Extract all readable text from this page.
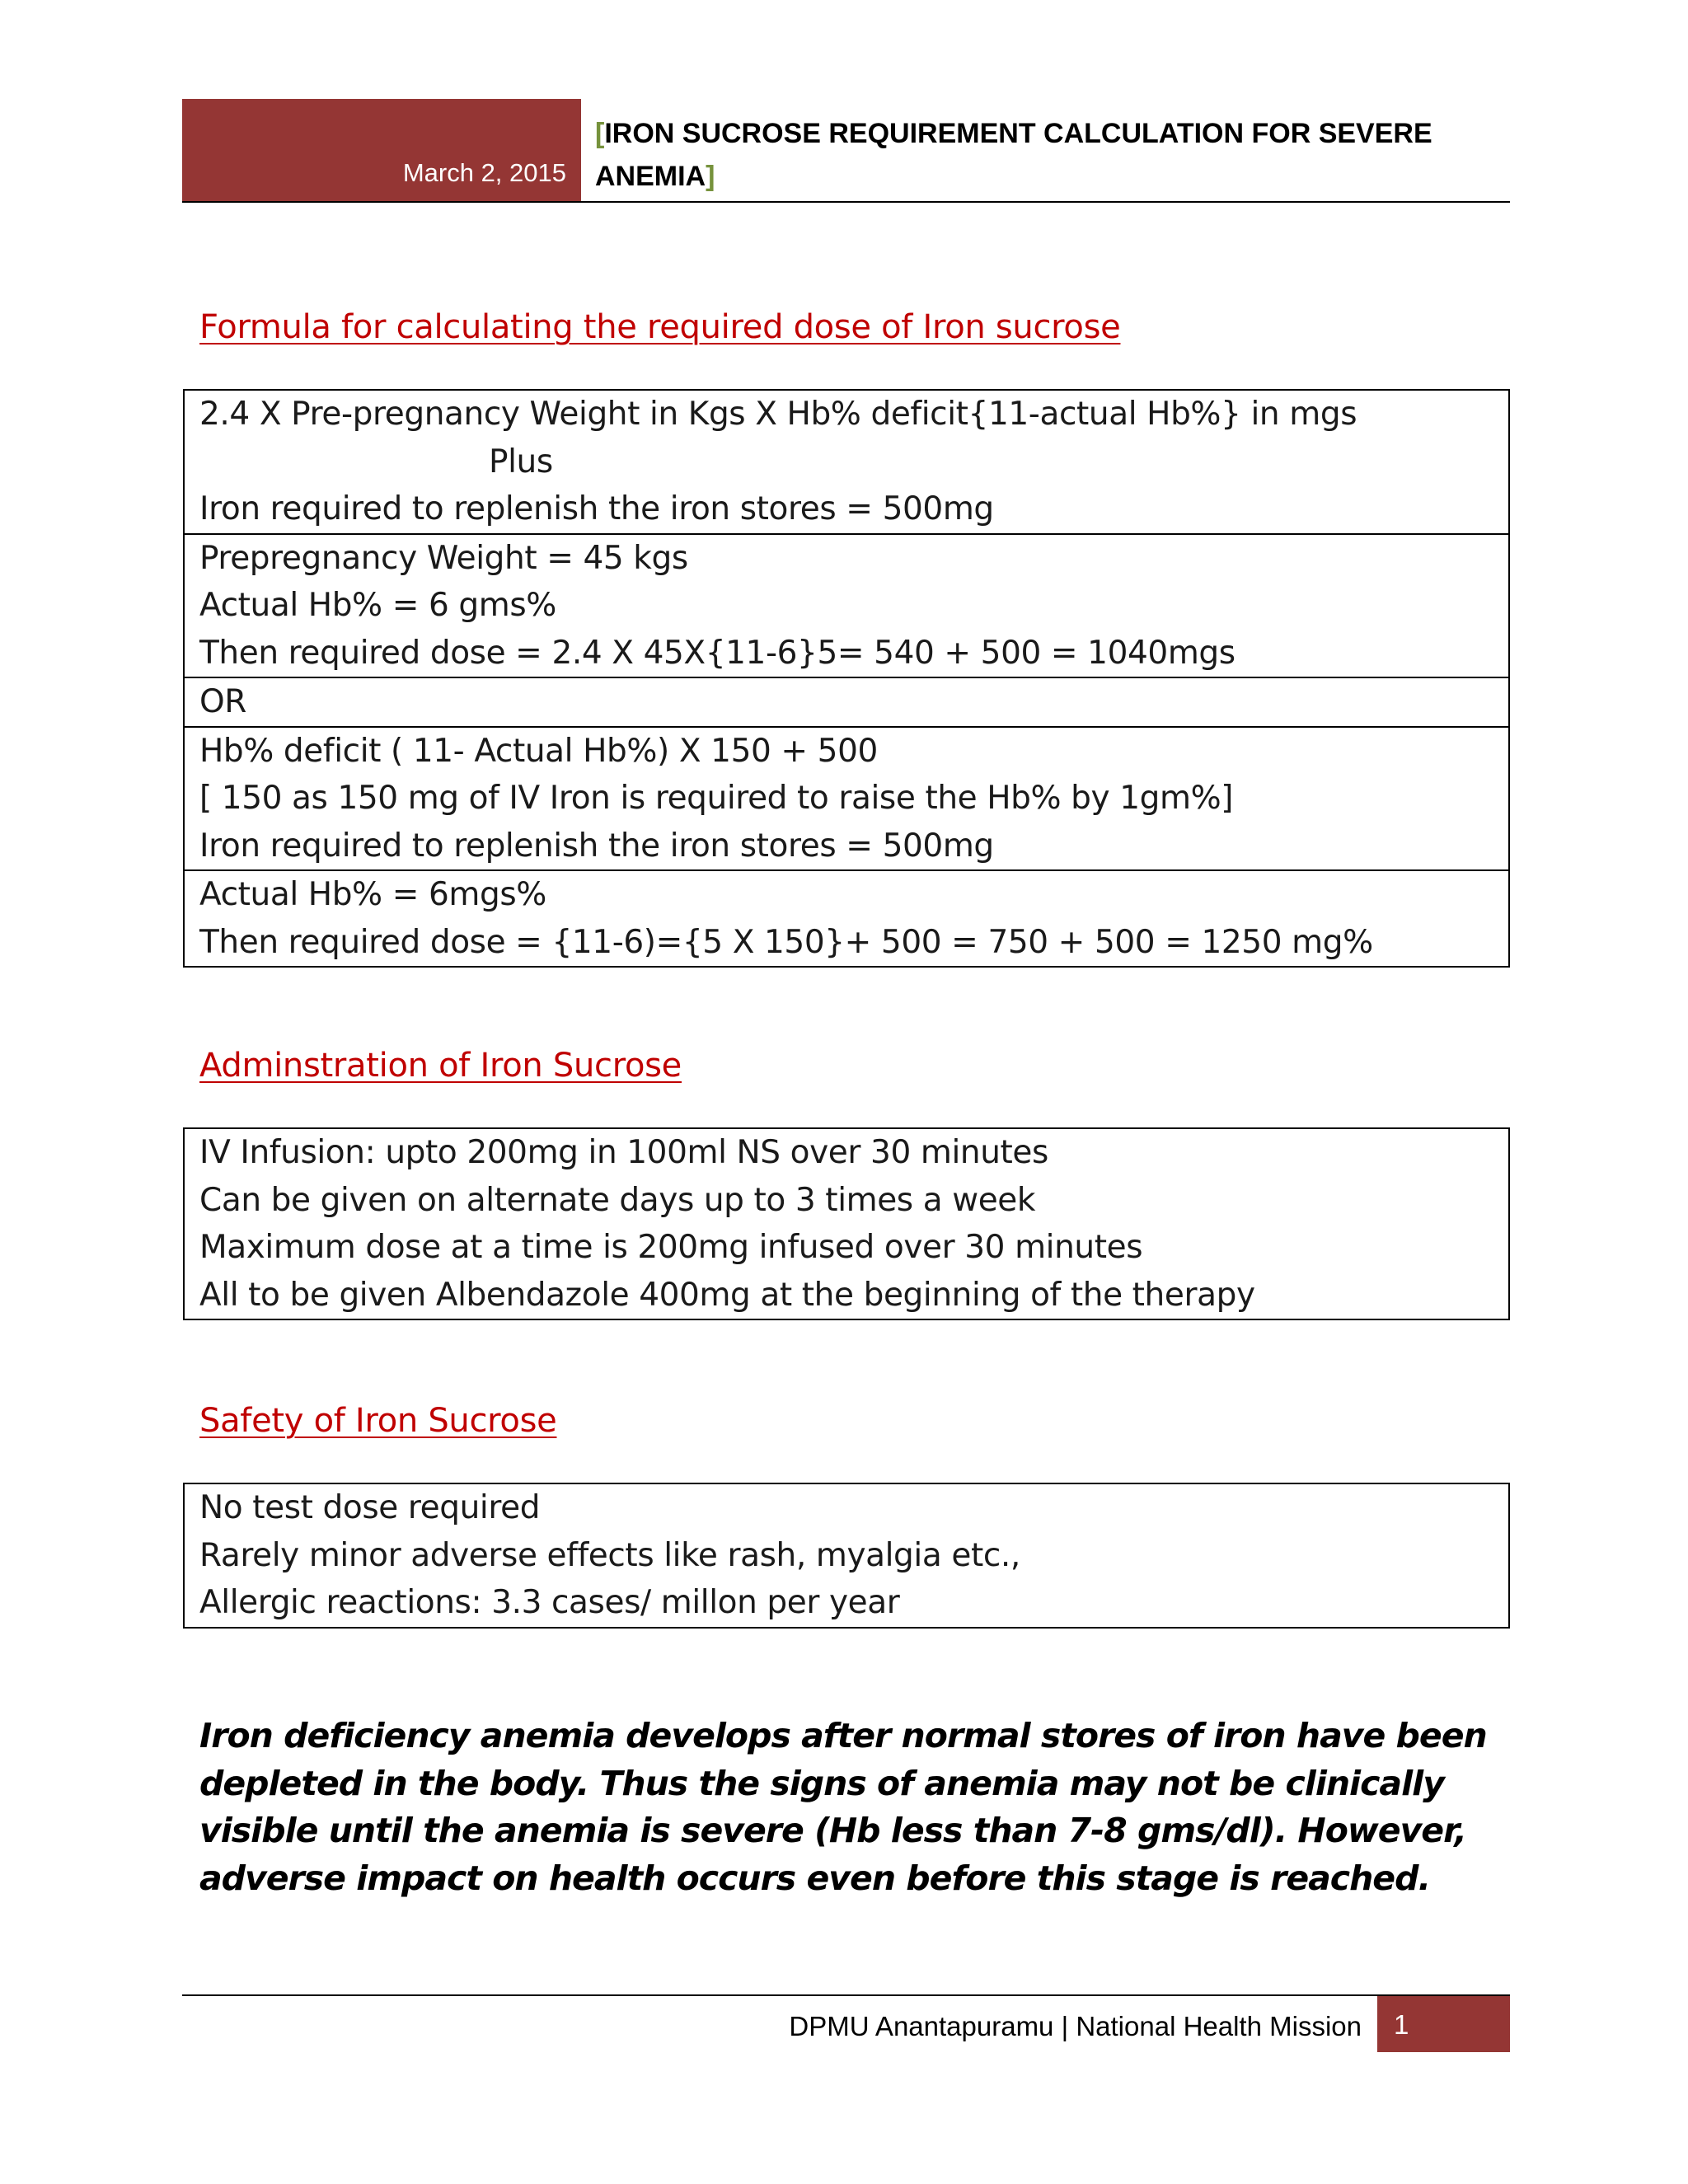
March 2, 2015
[IRON SUCROSE REQUIREMENT CALCULATION FOR SEVERE
ANEMIA]
Formula for calculating the required dose of Iron sucrose
2.4 X Pre-pregnancy Weight in Kgs X Hb% deficit{11-actual Hb%} in mgs
Plus
Iron required to replenish the iron stores = 500mg
Prepregnancy Weight = 45 kgs
Actual Hb% = 6 gms%
Then required dose = 2.4 X 45X{11-6}5= 540 + 500 = 1040mgs
OR
Hb% deficit ( 11- Actual Hb%) X 150 + 500
[ 150 as 150 mg of IV Iron is required to raise the Hb% by 1gm%]
Iron required to replenish the iron stores = 500mg
Actual Hb% = 6mgs%
Then required dose = {11-6)={5 X 150}+ 500 = 750 + 500 = 1250 mg%
Adminstration of Iron Sucrose
IV Infusion: upto 200mg in 100ml NS over 30 minutes
Can be given on alternate days up to 3 times a week
Maximum dose at a time is 200mg infused over 30 minutes
All to be given Albendazole 400mg at the beginning of the therapy
Safety of Iron Sucrose
No test dose required
Rarely minor adverse effects like rash, myalgia etc.,
Allergic reactions: 3.3 cases/ millon per year
Iron deficiency anemia develops after normal stores of iron have been depleted in the body. Thus the signs of anemia may not be clinically visible until the anemia is severe (Hb less than 7-8 gms/dl). However, adverse impact on health occurs even before this stage is reached.
DPMU Anantapuramu | National Health Mission 1
